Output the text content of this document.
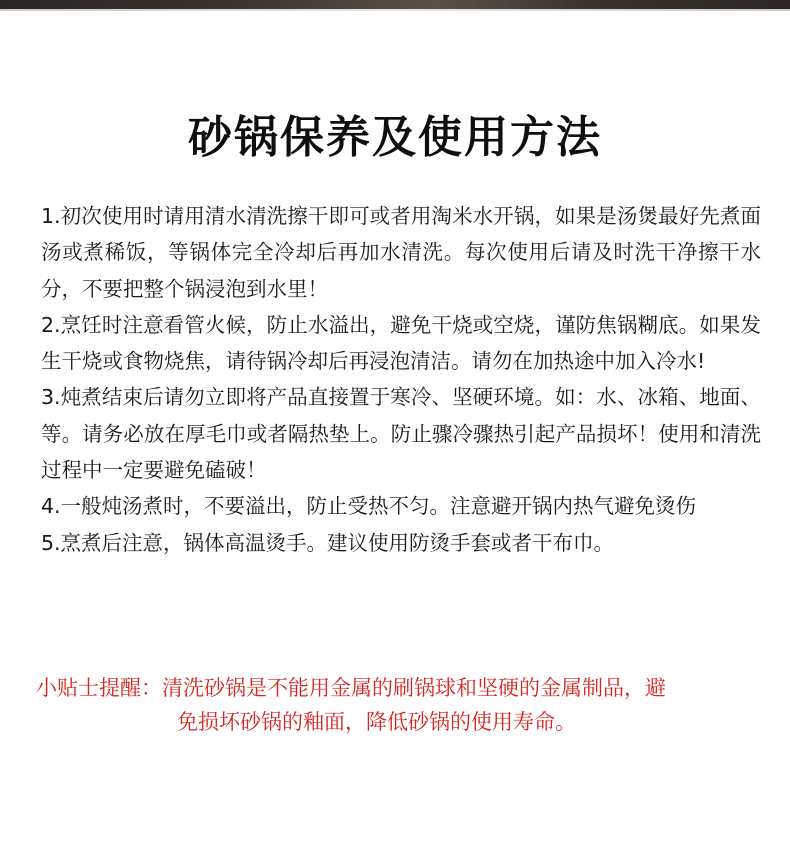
砂锅保养及使用方法

1.初次使用时请用清水清洗擦干即可或者用淘米水开锅，如果是汤煲最好先煮面汤或煮稀饭，等锅体完全冷却后再加水清洗。每次使用后请及时洗干净擦干水分，不要把整个锅浸泡到水里！

2.烹饪时注意看管火候，防止水溢出，避免干烧或空烧，谨防焦锅糊底。如果发生干烧或食物烧焦，请待锅冷却后再浸泡清洁。请勿在加热途中加入冷水!

3.炖煮结束后请勿立即将产品直接置于寒冷、坚硬环境。如：水、冰箱、地面、等。请务必放在厚毛巾或者隔热垫上。防止骤冷骤热引起产品损坏！使用和清洗过程中一定要避免磕破！

4.一般炖汤煮时，不要溢出，防止受热不匀。注意避开锅内热气避免烫伤

5.烹煮后注意，锅体高温烫手。建议使用防烫手套或者干布巾。

小贴士提醒：清洗砂锅是不能用金属的刷锅球和坚硬的金属制品，避

免损坏砂锅的釉面，降低砂锅的使用寿命。
